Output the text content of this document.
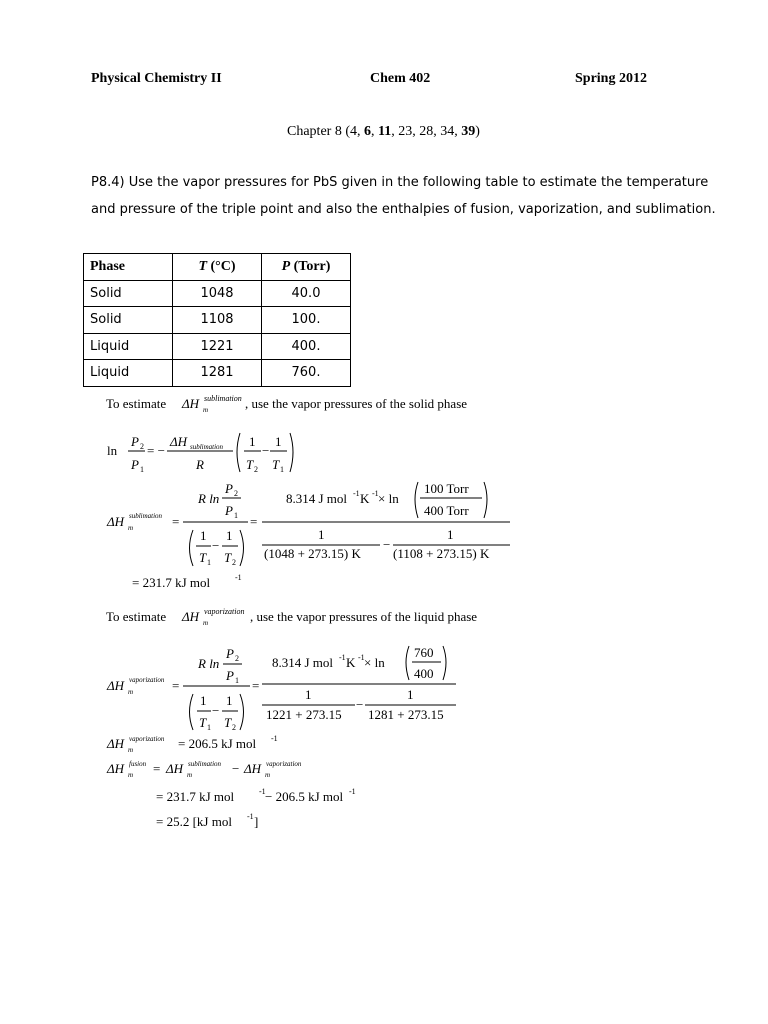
Physical Chemistry II	Chem 402	Spring 2012
Chapter 8 (4, 6, 11, 23, 28, 34, 39)
P8.4) Use the vapor pressures for PbS given in the following table to estimate the temperature
and pressure of the triple point and also the enthalpies of fusion, vaporization, and sublimation.
Phase	T (°C)	P (Torr)
Solid	1048	40.0
Solid	1108	100.
Liquid	1221	400.
Liquid	1281	760.
To estimate ΔH m
sublimation , use the vapor pressures of the solid phase
ln
P 2
P 1
= −
ΔH sublimation
R
1
T 2
−
1
T 1
ΔH m
sublimation =
R ln
P 2
P 1
1 1
T 1
−
T 2
=
8.314 J mol -1 K -1 × ln
100 Torr
400 Torr
1	1
(1048 + 273.15) K
−
(1108 + 273.15) K
= 231.7 kJ mol	-1
To estimate ΔH m
vaporization , use the vapor pressures of the liquid phase
ΔH m
vaporization =
R ln
P 2
P 1
1 1
T 1
−
T 2
=
8.314 J mol -1 K -1 × ln
760
400
1	1
1221 + 273.15
−
1281 + 273.15
ΔH m
vaporization = 206.5 kJ mol -1
ΔH m
fusion = ΔH m
sublimation − ΔH m
vaporization
= 231.7 kJ mol	-1 − 206.5 kJ mol -1
= 25.2 [kJ mol -1 ]
